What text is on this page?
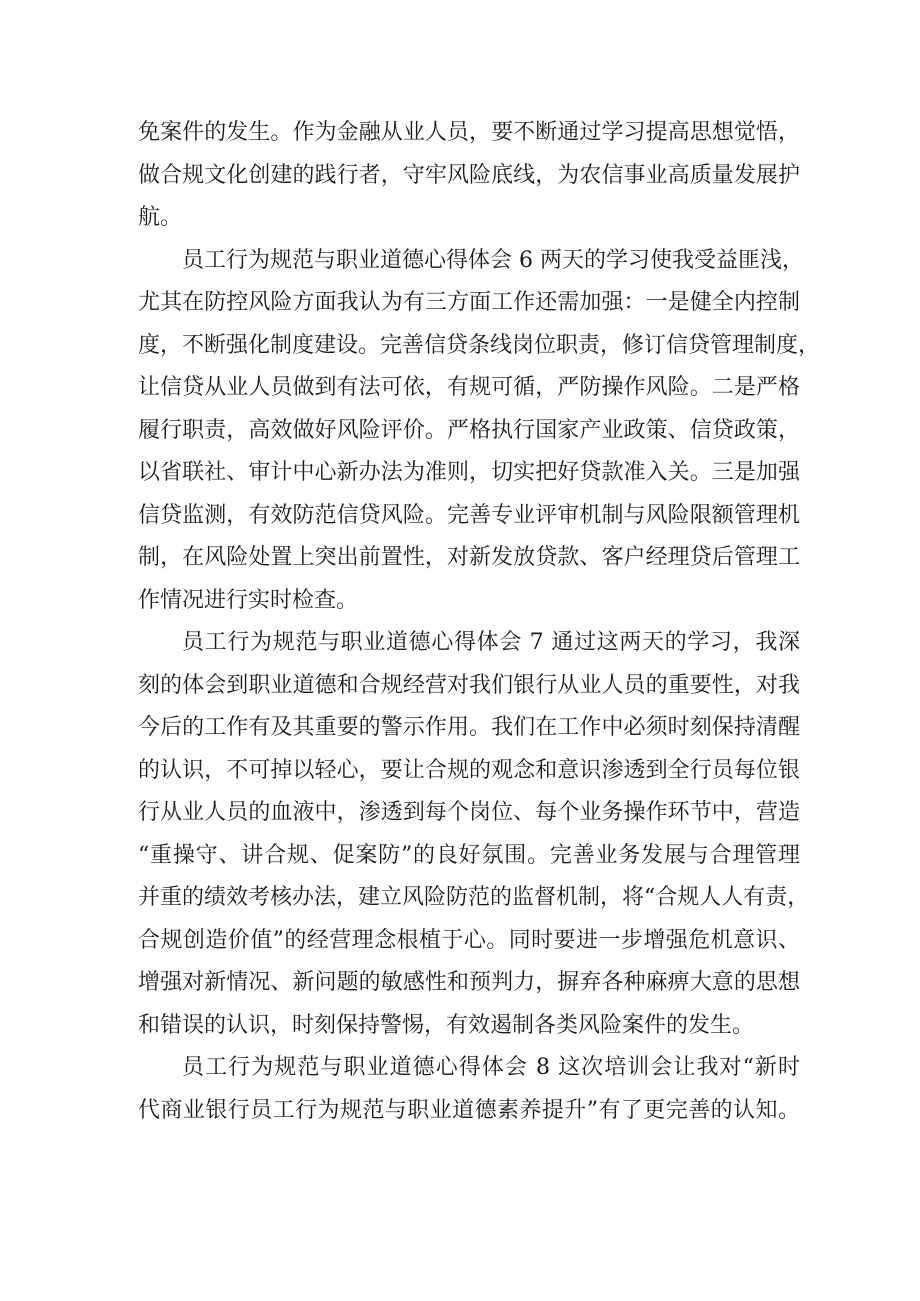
免案件的发生。作为金融从业人员，要不断通过学习提高思想觉悟，
做合规文化创建的践行者，守牢风险底线，为农信事业高质量发展护
航。
员工行为规范与职业道德心得体会 6 两天的学习使我受益匪浅，
尤其在防控风险方面我认为有三方面工作还需加强：一是健全内控制
度，不断强化制度建设。完善信贷条线岗位职责，修订信贷管理制度，
让信贷从业人员做到有法可依，有规可循，严防操作风险。二是严格
履行职责，高效做好风险评价。严格执行国家产业政策、信贷政策，
以省联社、审计中心新办法为准则，切实把好贷款准入关。三是加强
信贷监测，有效防范信贷风险。完善专业评审机制与风险限额管理机
制，在风险处置上突出前置性，对新发放贷款、客户经理贷后管理工
作情况进行实时检查。
员工行为规范与职业道德心得体会 7 通过这两天的学习，我深
刻的体会到职业道德和合规经营对我们银行从业人员的重要性，对我
今后的工作有及其重要的警示作用。我们在工作中必须时刻保持清醒
的认识，不可掉以轻心，要让合规的观念和意识渗透到全行员每位银
行从业人员的血液中，渗透到每个岗位、每个业务操作环节中，营造
“重操守、讲合规、促案防”的良好氛围。完善业务发展与合理管理
并重的绩效考核办法，建立风险防范的监督机制，将“合规人人有责，
合规创造价值”的经营理念根植于心。同时要进一步增强危机意识、
增强对新情况、新问题的敏感性和预判力，摒弃各种麻痹大意的思想
和错误的认识，时刻保持警惕，有效遏制各类风险案件的发生。
员工行为规范与职业道德心得体会 8 这次培训会让我对“新时
代商业银行员工行为规范与职业道德素养提升”有了更完善的认知。
